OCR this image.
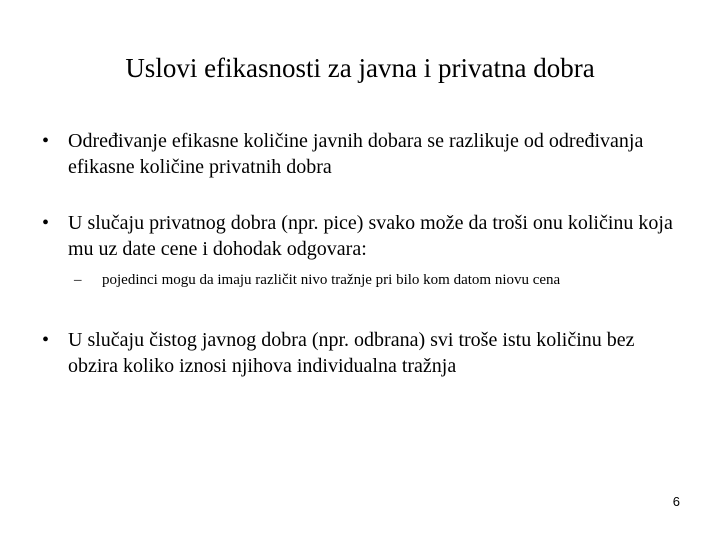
Uslovi efikasnosti za javna i privatna dobra
• Određivanje efikasne količine javnih dobara se razlikuje od određivanja efikasne količine privatnih dobra
• U slučaju privatnog dobra (npr. pice) svako može da troši onu količinu koja mu uz date cene i dohodak odgovara:
– pojedinci mogu da imaju različit nivo tražnje pri bilo kom datom niovu cena
• U slučaju čistog javnog dobra (npr. odbrana) svi troše istu količinu bez obzira koliko iznosi njihova individualna tražnja
6
